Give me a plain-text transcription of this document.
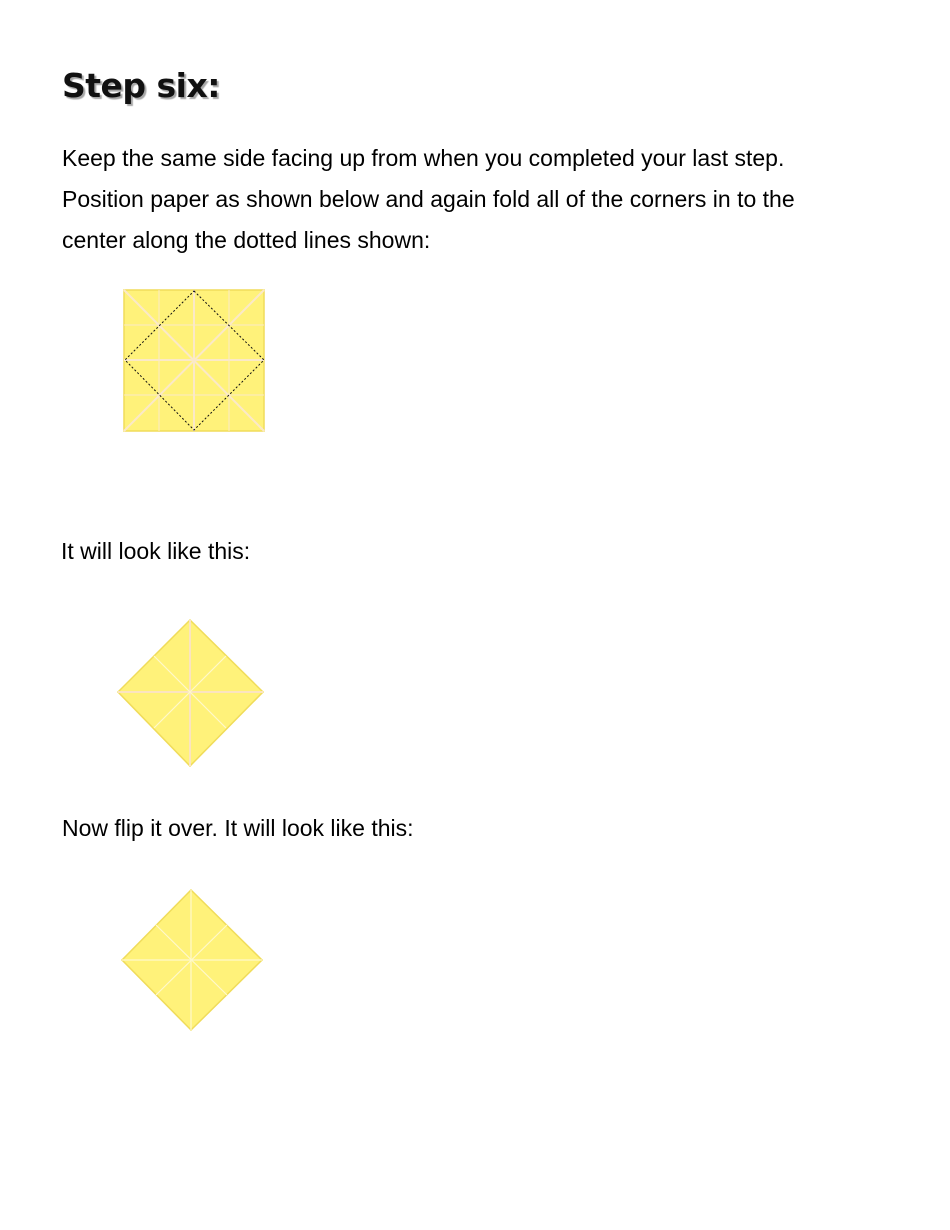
Step six:
Keep the same side facing up from when you completed your last step.
Position paper as shown below and again fold all of the corners in to the
center along the dotted lines shown:

It will look like this:

Now flip it over. It will look like this:
